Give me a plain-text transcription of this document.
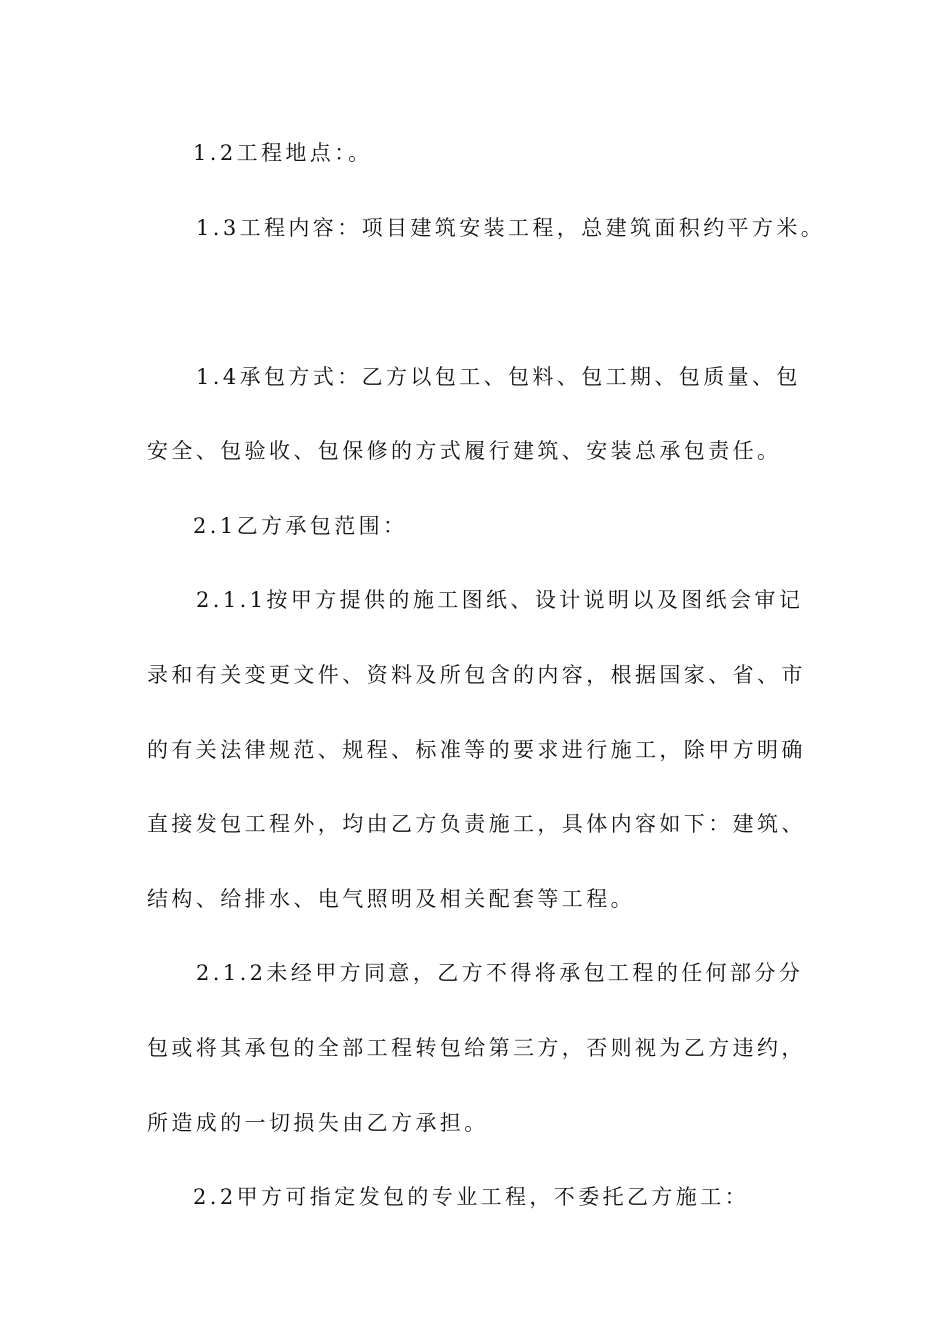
1.2工程地点：。
1.3工程内容：项目建筑安装工程，总建筑面积约平方米。
1.4承包方式：乙方以包工、包料、包工期、包质量、包
安全、包验收、包保修的方式履行建筑、安装总承包责任。
2.1乙方承包范围：
2.1.1按甲方提供的施工图纸、设计说明以及图纸会审记
录和有关变更文件、资料及所包含的内容，根据国家、省、市
的有关法律规范、规程、标准等的要求进行施工，除甲方明确
直接发包工程外，均由乙方负责施工，具体内容如下：建筑、
结构、给排水、电气照明及相关配套等工程。
2.1.2未经甲方同意，乙方不得将承包工程的任何部分分
包或将其承包的全部工程转包给第三方，否则视为乙方违约，
所造成的一切损失由乙方承担。
2.2甲方可指定发包的专业工程，不委托乙方施工：
